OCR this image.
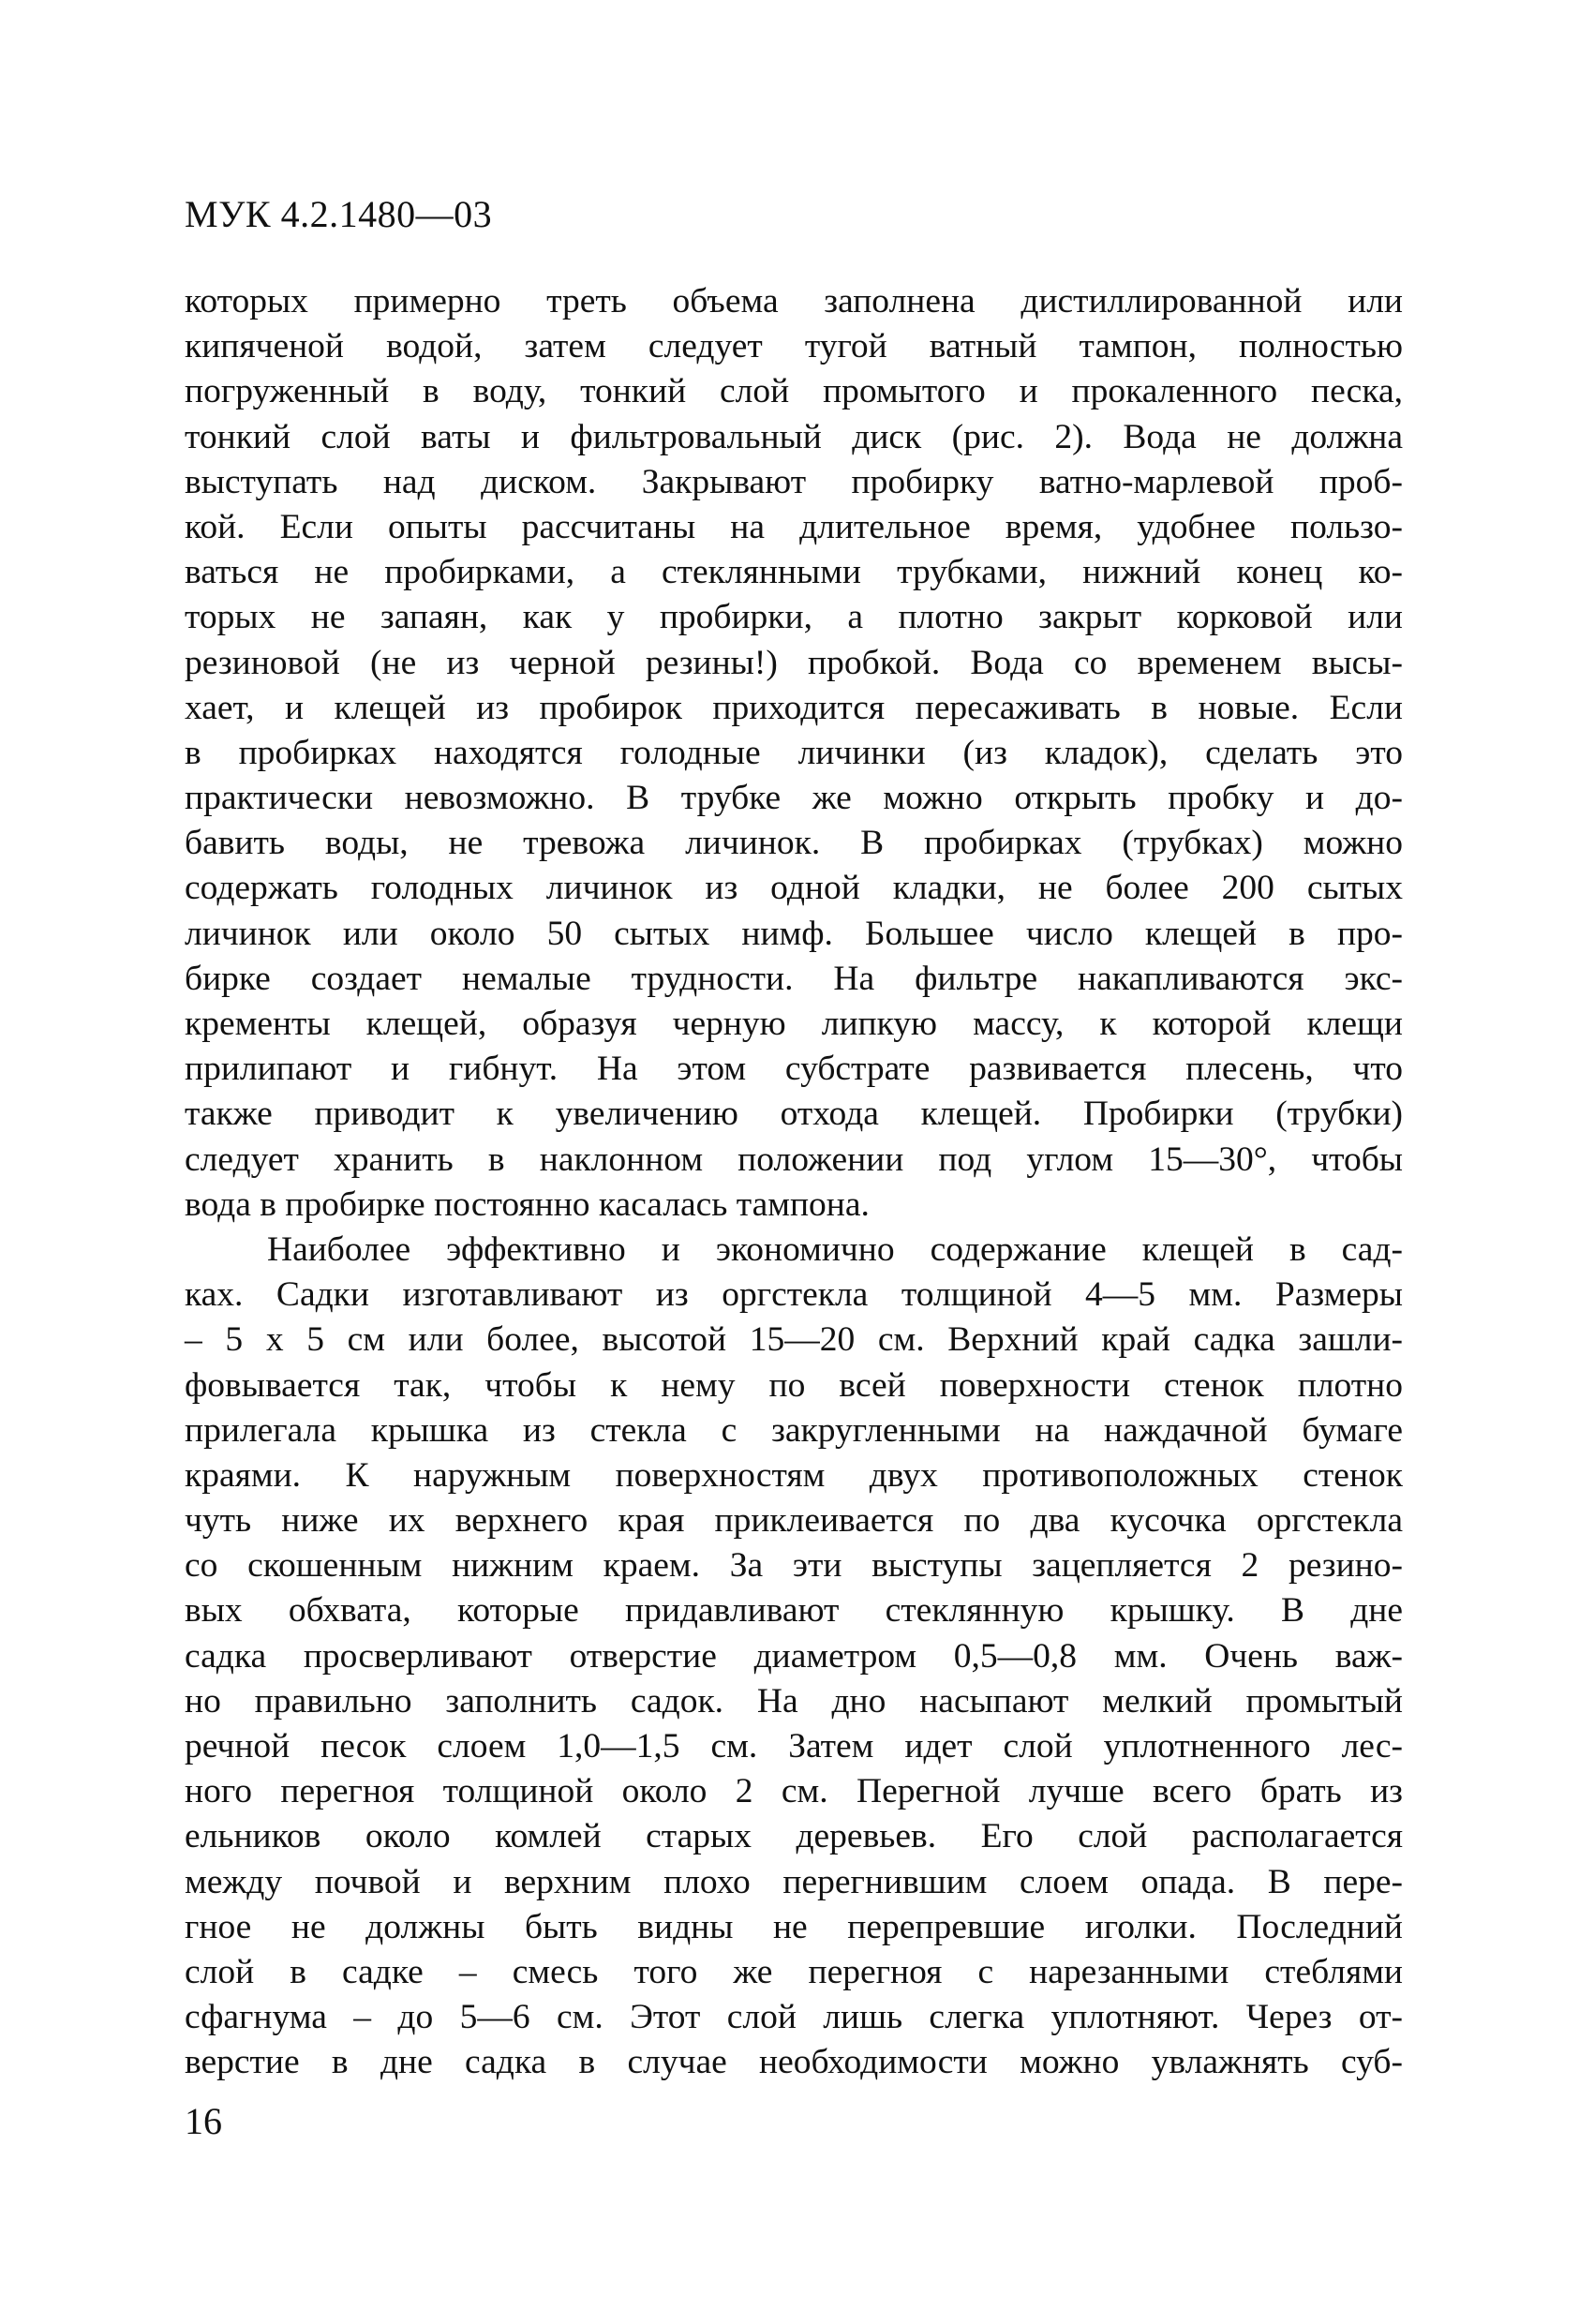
МУК 4.2.1480—03
которых примерно треть объема заполнена дистиллированной или
кипяченой водой, затем следует тугой ватный тампон, полностью
погруженный в воду, тонкий слой промытого и прокаленного песка,
тонкий слой ваты и фильтровальный диск (рис. 2). Вода не должна
выступать над диском. Закрывают пробирку ватно-марлевой проб-
кой. Если опыты рассчитаны на длительное время, удобнее пользо-
ваться не пробирками, а стеклянными трубками, нижний конец ко-
торых не запаян, как у пробирки, а плотно закрыт корковой или
резиновой (не из черной резины!) пробкой. Вода со временем высы-
хает, и клещей из пробирок приходится пересаживать в новые. Если
в пробирках находятся голодные личинки (из кладок), сделать это
практически невозможно. В трубке же можно открыть пробку и до-
бавить воды, не тревожа личинок. В пробирках (трубках) можно
содержать голодных личинок из одной кладки, не более 200 сытых
личинок или около 50 сытых нимф. Большее число клещей в про-
бирке создает немалые трудности. На фильтре накапливаются экс-
кременты клещей, образуя черную липкую массу, к которой клещи
прилипают и гибнут. На этом субстрате развивается плесень, что
также приводит к увеличению отхода клещей. Пробирки (трубки)
следует хранить в наклонном положении под углом 15—30°, чтобы
вода в пробирке постоянно касалась тампона.
Наиболее эффективно и экономично содержание клещей в сад-
ках. Садки изготавливают из оргстекла толщиной 4—5 мм. Размеры
– 5 х 5 см или более, высотой 15—20 см. Верхний край садка зашли-
фовывается так, чтобы к нему по всей поверхности стенок плотно
прилегала крышка из стекла с закругленными на наждачной бумаге
краями. К наружным поверхностям двух противоположных стенок
чуть ниже их верхнего края приклеивается по два кусочка оргстекла
со скошенным нижним краем. За эти выступы зацепляется 2 резино-
вых обхвата, которые придавливают стеклянную крышку. В дне
садка просверливают отверстие диаметром 0,5—0,8 мм. Очень важ-
но правильно заполнить садок. На дно насыпают мелкий промытый
речной песок слоем 1,0—1,5 см. Затем идет слой уплотненного лес-
ного перегноя толщиной около 2 см. Перегной лучше всего брать из
ельников около комлей старых деревьев. Его слой располагается
между почвой и верхним плохо перегнившим слоем опада. В пере-
гное не должны быть видны не перепревшие иголки. Последний
слой в садке – смесь того же перегноя с нарезанными стеблями
сфагнума – до 5—6 см. Этот слой лишь слегка уплотняют. Через от-
верстие в дне садка в случае необходимости можно увлажнять суб-
16
